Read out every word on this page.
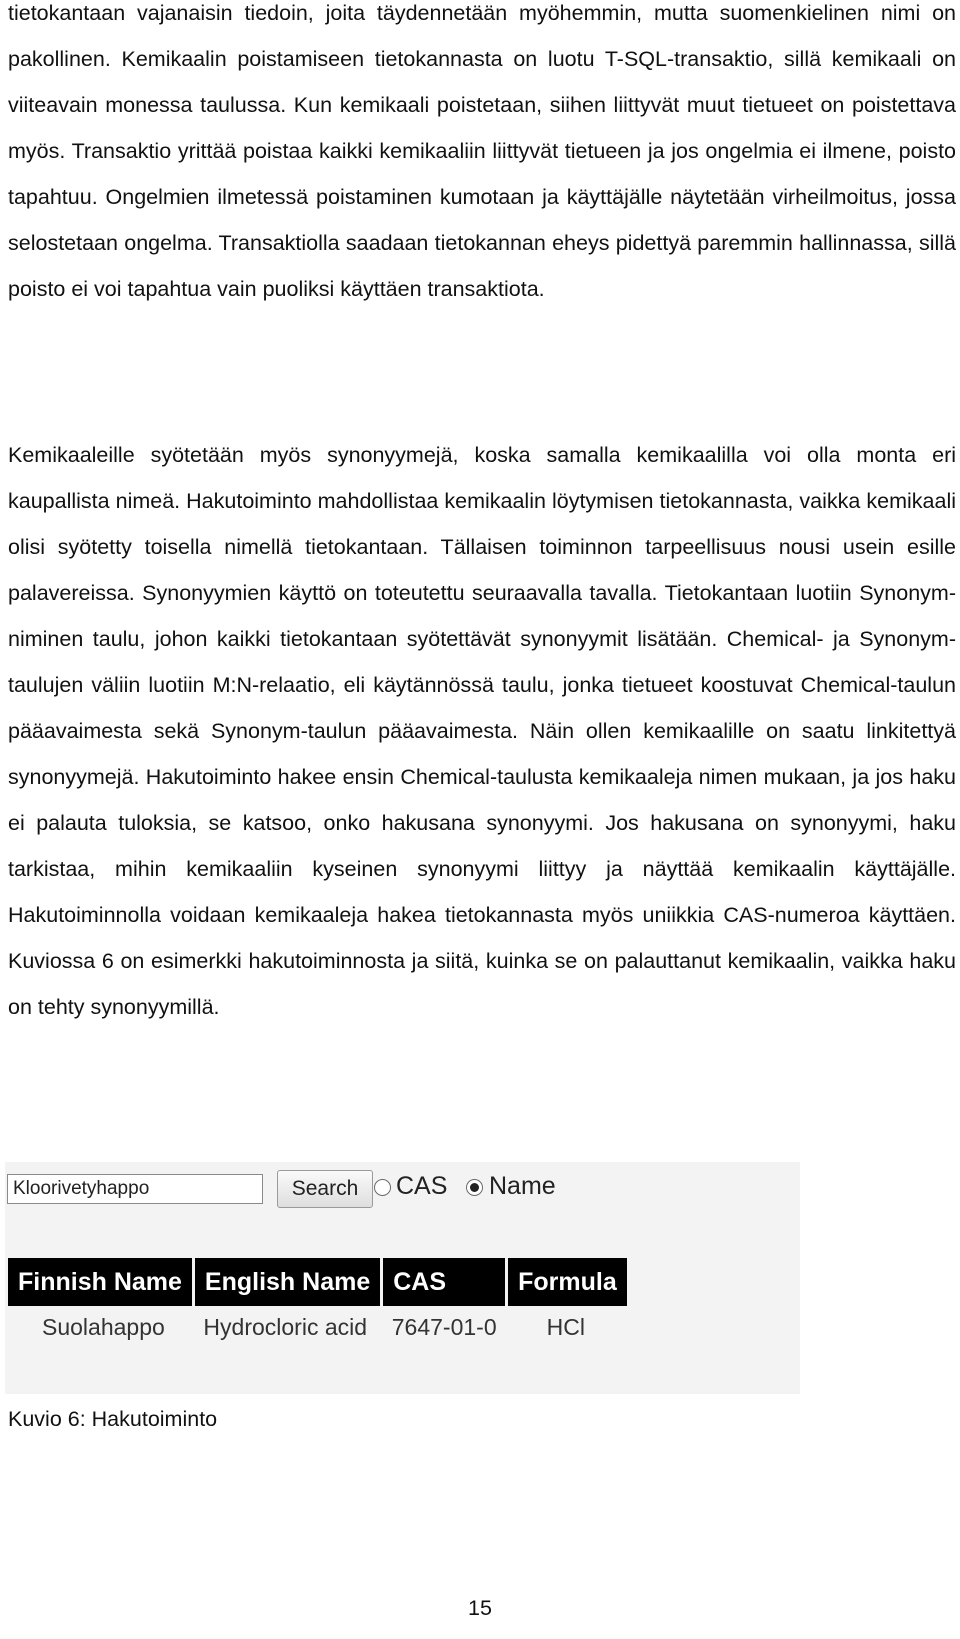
tietokantaan vajanaisin tiedoin, joita täydennetään myöhemmin, mutta suomenkielinen nimi on pakollinen. Kemikaalin poistamiseen tietokannasta on luotu T-SQL-transaktio, sillä kemikaali on viiteavain monessa taulussa. Kun kemikaali poistetaan, siihen liittyvät muut tietueet on poistettava myös. Transaktio yrittää poistaa kaikki kemikaaliin liittyvät tietueen ja jos ongelmia ei ilmene, poisto tapahtuu. Ongelmien ilmetessä poistaminen kumotaan ja käyttäjälle näytetään virheilmoitus, jossa selostetaan ongelma. Transaktiolla saadaan tietokannan eheys pidettyä paremmin hallinnassa, sillä poisto ei voi tapahtua vain puoliksi käyttäen transaktiota.

Kemikaaleille syötetään myös synonyymejä, koska samalla kemikaalilla voi olla monta eri kaupallista nimeä. Hakutoiminto mahdollistaa kemikaalin löytymisen tietokannasta, vaikka kemikaali olisi syötetty toisella nimellä tietokantaan. Tällaisen toiminnon tarpeellisuus nousi usein esille palavereissa. Synonyymien käyttö on toteutettu seuraavalla tavalla. Tietokantaan luotiin Synonym-niminen taulu, johon kaikki tietokantaan syötettävät synonyymit lisätään. Chemical- ja Synonym-taulujen väliin luotiin M:N-relaatio, eli käytännössä taulu, jonka tietueet koostuvat Chemical-taulun pääavaimesta sekä Synonym-taulun pääavaimesta. Näin ollen kemikaalille on saatu linkitettyä synonyymejä. Hakutoiminto hakee ensin Chemical-taulusta kemikaaleja nimen mukaan, ja jos haku ei palauta tuloksia, se katsoo, onko hakusana synonyymi. Jos hakusana on synonyymi, haku tarkistaa, mihin kemikaaliin kyseinen synonyymi liittyy ja näyttää kemikaalin käyttäjälle. Hakutoiminnolla voidaan kemikaaleja hakea tietokannasta myös uniikkia CAS-numeroa käyttäen. Kuviossa 6 on esimerkki hakutoiminnosta ja siitä, kuinka se on palauttanut kemikaalin, vaikka haku on tehty synonyymillä.

Kloorivetyhappo
Search	CAS Name
Finnish Name	English Name	CAS	Formula
Suolahappo	Hydrocloric acid	7647-01-0	HCl

Kuvio 6: Hakutoiminto

15
